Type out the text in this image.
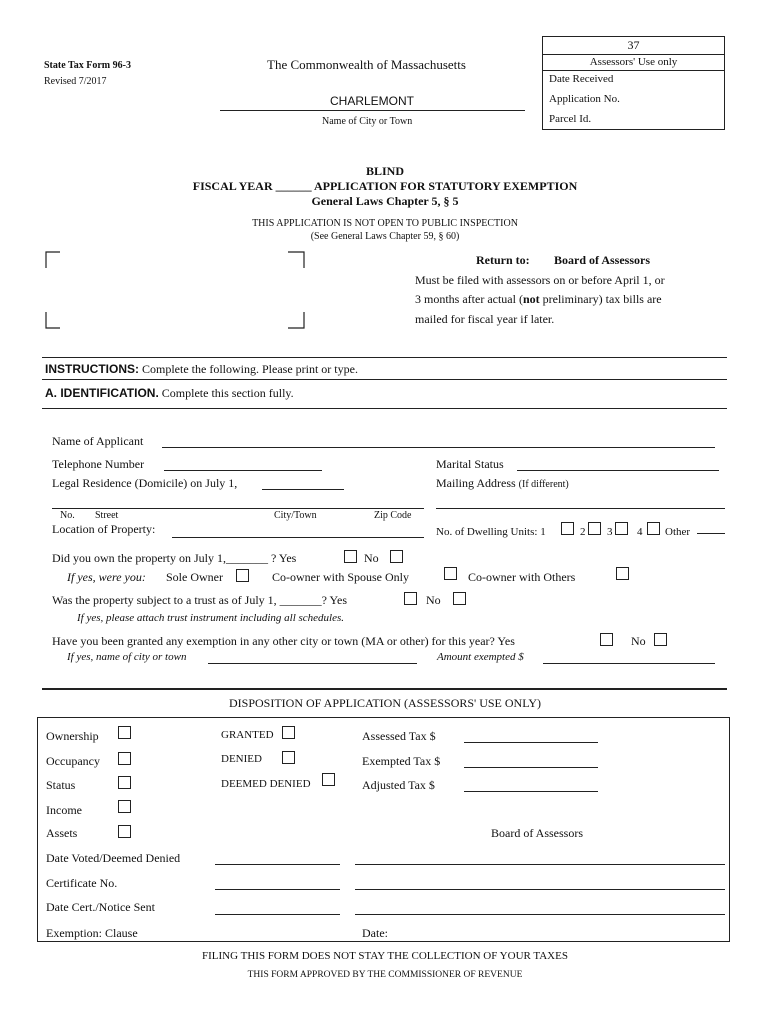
State Tax Form 96-3
Revised 7/2017
The Commonwealth of Massachusetts
CHARLEMONT
Name of City or Town
37
Assessors' Use only
Date Received
Application No.
Parcel Id.
BLIND
FISCAL YEAR ______ APPLICATION FOR STATUTORY EXEMPTION
General Laws Chapter 5, § 5
THIS APPLICATION IS NOT OPEN TO PUBLIC INSPECTION
(See General Laws Chapter 59, § 60)
Return to: Board of Assessors
Must be filed with assessors on or before April 1, or
3 months after actual (not preliminary) tax bills are
mailed for fiscal year if later.
INSTRUCTIONS: Complete the following. Please print or type.
A. IDENTIFICATION. Complete this section fully.
Name of Applicant
Telephone Number	Marital Status
Legal Residence (Domicile) on July 1,	Mailing Address (If different)
No. Street	City/Town	Zip Code
Location of Property:	No. of Dwelling Units: 1	2 3 4 Other
Did you own the property on July 1,_______ ? Yes	No
If yes, were you: Sole Owner	Co-owner with Spouse Only	Co-owner with Others
Was the property subject to a trust as of July 1, _______? Yes	No
If yes, please attach trust instrument including all schedules.
Have you been granted any exemption in any other city or town (MA or other) for this year? Yes	No
If yes, name of city or town	Amount exempted $
DISPOSITION OF APPLICATION (ASSESSORS' USE ONLY)
Ownership
Occupancy
Status
Income
Assets
GRANTED
DENIED
DEEMED DENIED
Assessed Tax $
Exempted Tax $
Adjusted Tax $
Board of Assessors
Date Voted/Deemed Denied
Certificate No.
Date Cert./Notice Sent
Exemption: Clause	Date:
FILING THIS FORM DOES NOT STAY THE COLLECTION OF YOUR TAXES
THIS FORM APPROVED BY THE COMMISSIONER OF REVENUE
